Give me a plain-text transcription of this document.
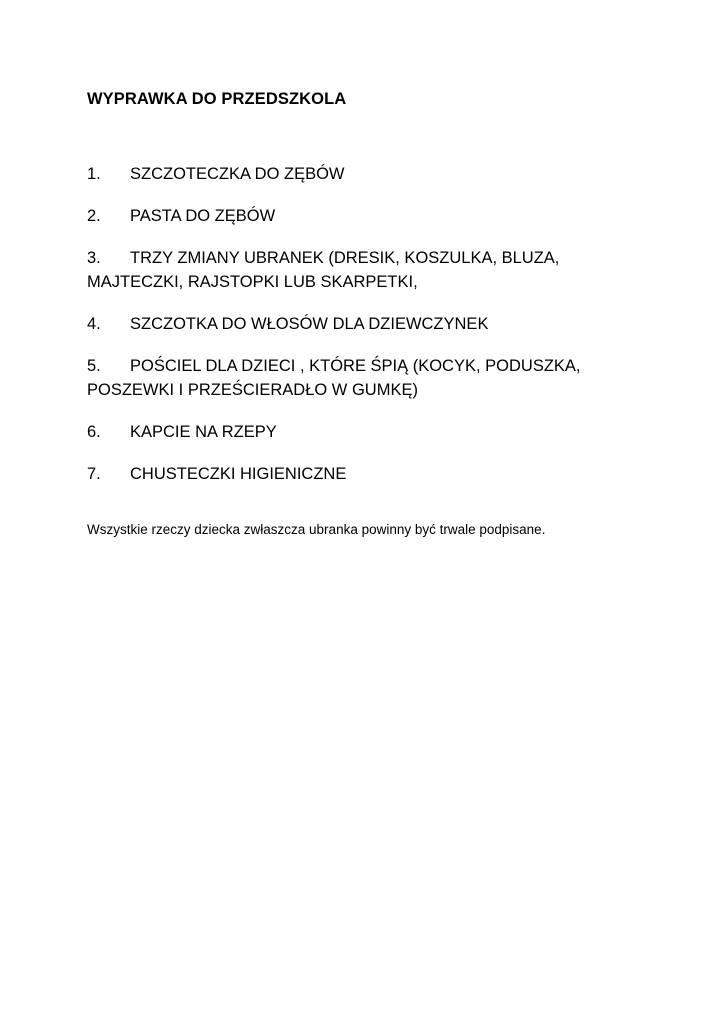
WYPRAWKA DO PRZEDSZKOLA
1. SZCZOTECZKA DO ZĘBÓW
2. PASTA DO ZĘBÓW
3. TRZY ZMIANY UBRANEK (DRESIK, KOSZULKA, BLUZA, MAJTECZKI, RAJSTOPKI LUB SKARPETKI,
4. SZCZOTKA DO WŁOSÓW DLA DZIEWCZYNEK
5. POŚCIEL DLA DZIECI , KTÓRE ŚPIĄ (KOCYK, PODUSZKA, POSZEWKI I PRZEŚCIERADŁO W GUMKĘ)
6. KAPCIE NA RZEPY
7. CHUSTECZKI HIGIENICZNE
Wszystkie rzeczy dziecka zwłaszcza ubranka powinny być trwale podpisane.
